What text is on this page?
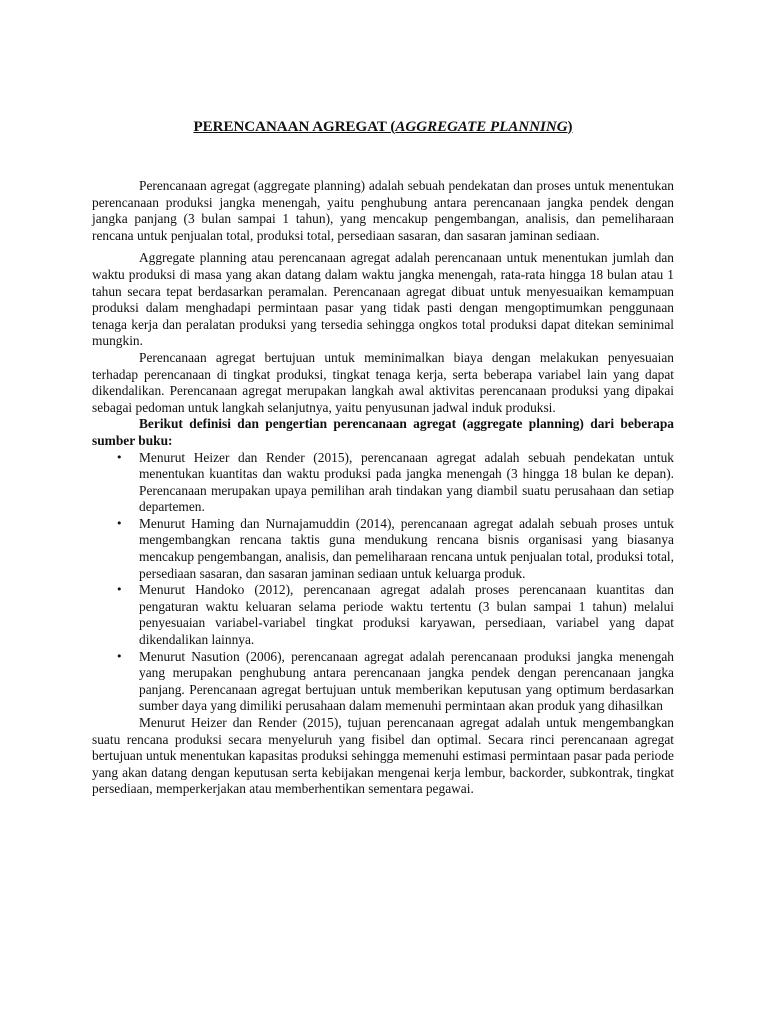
PERENCANAAN AGREGAT (AGGREGATE PLANNING)

Perencanaan agregat (aggregate planning) adalah sebuah pendekatan dan proses untuk menentukan perencanaan produksi jangka menengah, yaitu penghubung antara perencanaan jangka pendek dengan jangka panjang (3 bulan sampai 1 tahun), yang mencakup pengembangan, analisis, dan pemeliharaan rencana untuk penjualan total, produksi total, persediaan sasaran, dan sasaran jaminan sediaan.

Aggregate planning atau perencanaan agregat adalah perencanaan untuk menentukan jumlah dan waktu produksi di masa yang akan datang dalam waktu jangka menengah, rata-rata hingga 18 bulan atau 1 tahun secara tepat berdasarkan peramalan. Perencanaan agregat dibuat untuk menyesuaikan kemampuan produksi dalam menghadapi permintaan pasar yang tidak pasti dengan mengoptimumkan penggunaan tenaga kerja dan peralatan produksi yang tersedia sehingga ongkos total produksi dapat ditekan seminimal mungkin.

Perencanaan agregat bertujuan untuk meminimalkan biaya dengan melakukan penyesuaian terhadap perencanaan di tingkat produksi, tingkat tenaga kerja, serta beberapa variabel lain yang dapat dikendalikan. Perencanaan agregat merupakan langkah awal aktivitas perencanaan produksi yang dipakai sebagai pedoman untuk langkah selanjutnya, yaitu penyusunan jadwal induk produksi.

Berikut definisi dan pengertian perencanaan agregat (aggregate planning) dari beberapa sumber buku:

• Menurut Heizer dan Render (2015), perencanaan agregat adalah sebuah pendekatan untuk menentukan kuantitas dan waktu produksi pada jangka menengah (3 hingga 18 bulan ke depan). Perencanaan merupakan upaya pemilihan arah tindakan yang diambil suatu perusahaan dan setiap departemen.
• Menurut Haming dan Nurnajamuddin (2014), perencanaan agregat adalah sebuah proses untuk mengembangkan rencana taktis guna mendukung rencana bisnis organisasi yang biasanya mencakup pengembangan, analisis, dan pemeliharaan rencana untuk penjualan total, produksi total, persediaan sasaran, dan sasaran jaminan sediaan untuk keluarga produk.
• Menurut Handoko (2012), perencanaan agregat adalah proses perencanaan kuantitas dan pengaturan waktu keluaran selama periode waktu tertentu (3 bulan sampai 1 tahun) melalui penyesuaian variabel-variabel tingkat produksi karyawan, persediaan, variabel yang dapat dikendalikan lainnya.
• Menurut Nasution (2006), perencanaan agregat adalah perencanaan produksi jangka menengah yang merupakan penghubung antara perencanaan jangka pendek dengan perencanaan jangka panjang. Perencanaan agregat bertujuan untuk memberikan keputusan yang optimum berdasarkan sumber daya yang dimiliki perusahaan dalam memenuhi permintaan akan produk yang dihasilkan

Menurut Heizer dan Render (2015), tujuan perencanaan agregat adalah untuk mengembangkan suatu rencana produksi secara menyeluruh yang fisibel dan optimal. Secara rinci perencanaan agregat bertujuan untuk menentukan kapasitas produksi sehingga memenuhi estimasi permintaan pasar pada periode yang akan datang dengan keputusan serta kebijakan mengenai kerja lembur, backorder, subkontrak, tingkat persediaan, memperkerjakan atau memberhentikan sementara pegawai.
